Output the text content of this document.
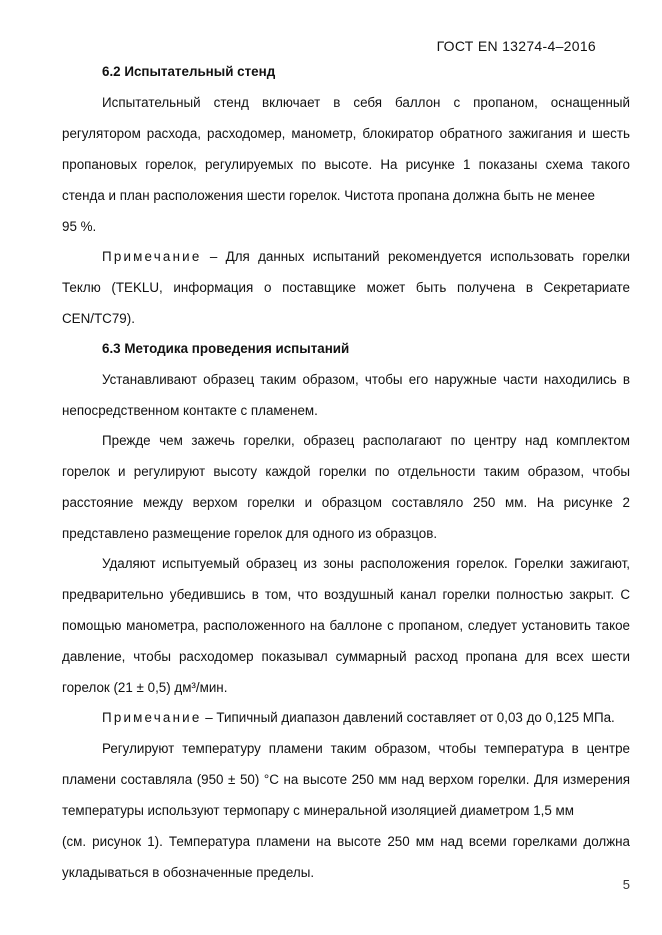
ГОСТ EN 13274-4–2016
6.2 Испытательный стенд
Испытательный стенд включает в себя баллон с пропаном, оснащенный
регулятором расхода, расходомер, манометр, блокиратор обратного зажигания и шесть
пропановых горелок, регулируемых по высоте. На рисунке 1 показаны схема такого
стенда и план расположения шести горелок. Чистота пропана должна быть не менее
95 %.
Примечание – Для данных испытаний рекомендуется использовать горелки
Теклю (TEKLU, информация о поставщике может быть получена в Секретариате
CEN/TC79).
6.3 Методика проведения испытаний
Устанавливают образец таким образом, чтобы его наружные части находились в
непосредственном контакте с пламенем.
Прежде чем зажечь горелки, образец располагают по центру над комплектом
горелок и регулируют высоту каждой горелки по отдельности таким образом, чтобы
расстояние между верхом горелки и образцом составляло 250 мм. На рисунке 2
представлено размещение горелок для одного из образцов.
Удаляют испытуемый образец из зоны расположения горелок. Горелки зажигают,
предварительно убедившись в том, что воздушный канал горелки полностью закрыт. С
помощью манометра, расположенного на баллоне с пропаном, следует установить такое
давление, чтобы расходомер показывал суммарный расход пропана для всех шести
горелок (21 ± 0,5) дм³/мин.
Примечание – Типичный диапазон давлений составляет от 0,03 до 0,125 МПа.
Регулируют температуру пламени таким образом, чтобы температура в центре
пламени составляла (950 ± 50) °С на высоте 250 мм над верхом горелки. Для измерения
температуры используют термопару с минеральной изоляцией диаметром 1,5 мм
(см. рисунок 1). Температура пламени на высоте 250 мм над всеми горелками должна
укладываться в обозначенные пределы.
5
